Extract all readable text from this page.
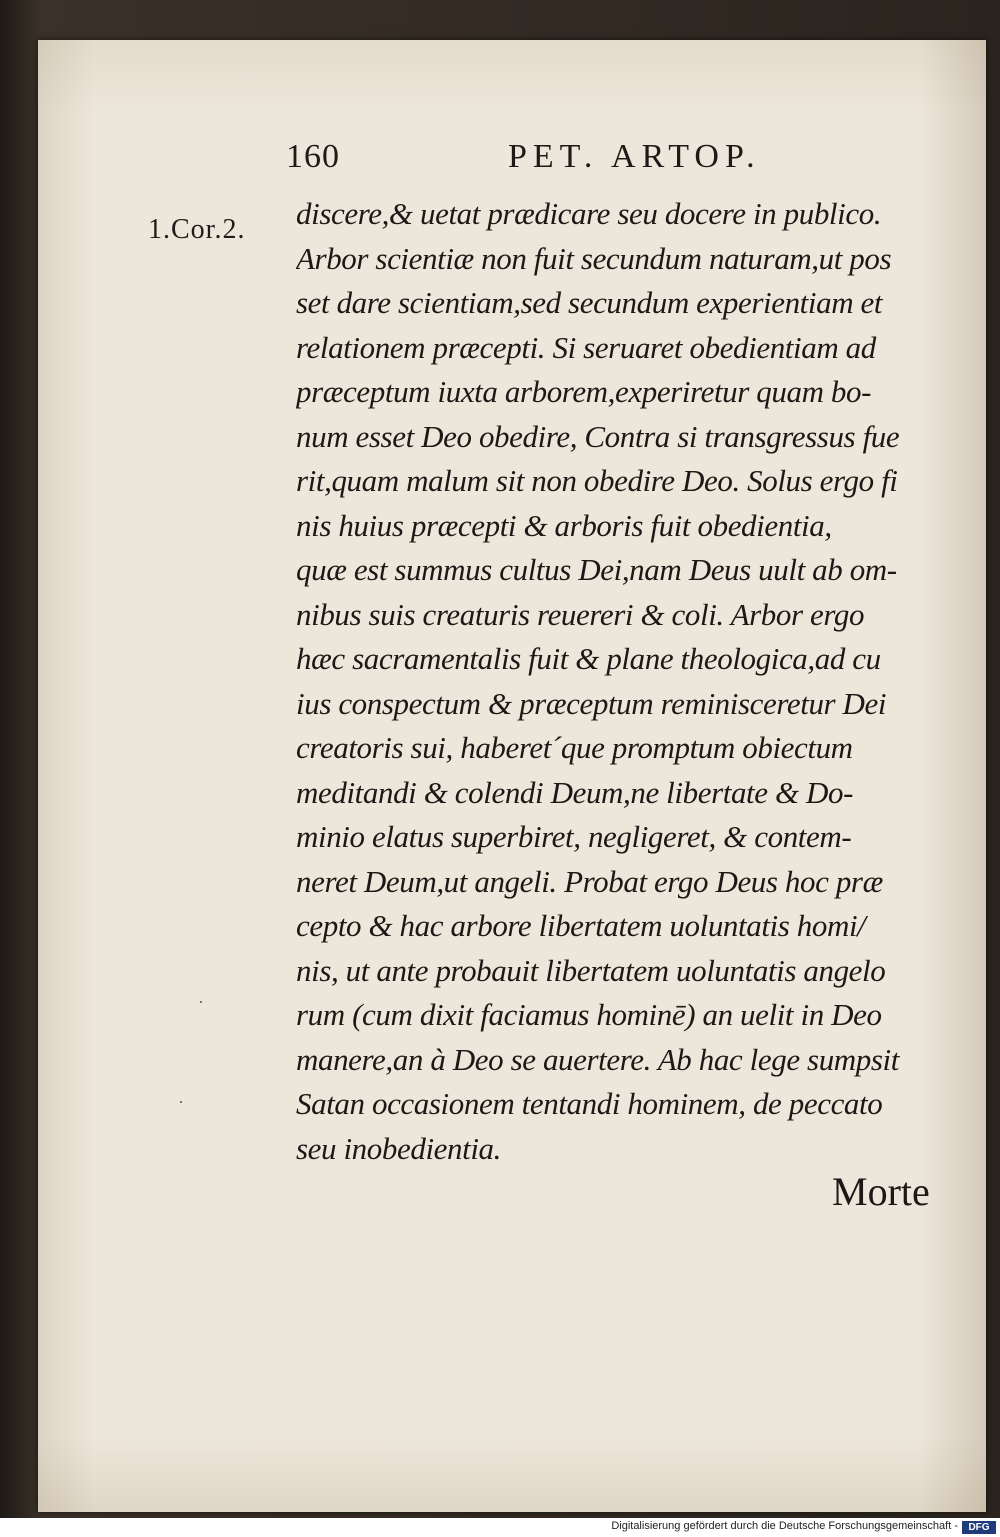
160	PET. ARTOP.
1.Cor.2. discere,& uetat prædicare seu docere in publico.
Arbor scientiæ non fuit secundum naturam,ut pos
set dare scientiam,sed secundum experientiam et
relationem præcepti. Si seruaret obedientiam ad
præceptum iuxta arborem,experiretur quam bo-
num esset Deo obedire, Contra si transgressus fue
rit,quam malum sit non obedire Deo. Solus ergo fi
nis huius præcepti & arboris fuit obedientia,
quæ est summus cultus Dei,nam Deus uult ab om-
nibus suis creaturis reuereri & coli. Arbor ergo
hæc sacramentalis fuit & plane theologica,ad cu
ius conspectum & præceptum reminisceretur Dei
creatoris sui, haberet´que promptum obiectum
meditandi & colendi Deum,ne libertate & Do-
minio elatus superbiret, negligeret, & contem-
neret Deum,ut angeli. Probat ergo Deus hoc præ
cepto & hac arbore libertatem uoluntatis homi/
nis, ut ante probauit libertatem uoluntatis angelo
rum (cum dixit faciamus hominē) an uelit in Deo
manere,an à Deo se auertere. Ab hac lege sumpsit
Satan occasionem tentandi hominem, de peccato
seu inobedientia.
Morte
·
·
Digitalisierung gefördert durch die Deutsche Forschungsgemeinschaft -	DFG
